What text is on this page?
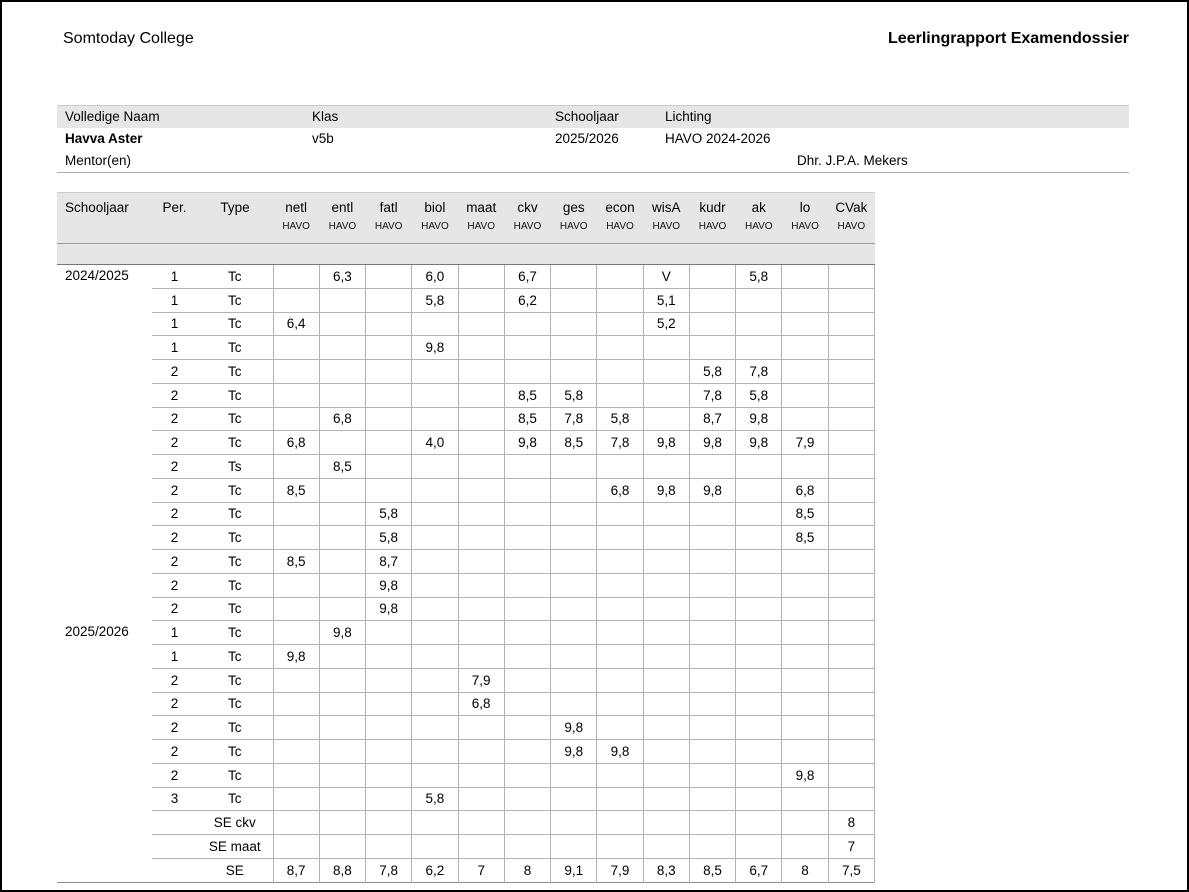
Somtoday College	Leerlingrapport Examendossier
Volledige Naam	Klas	Schooljaar	Lichting
Havva Aster	v5b	2025/2026	HAVO 2024-2026
Mentor(en)	Dhr. J.P.A. Mekers
Schooljaar	Per.	Type	netl	entl	fatl	biol	maat	ckv	ges	econ	wisA	kudr	ak	lo	CVak
			HAVO	HAVO	HAVO	HAVO	HAVO	HAVO	HAVO	HAVO	HAVO	HAVO	HAVO	HAVO	HAVO

2024/2025	1	Tc		6,3		6,0		6,7			V		5,8		
	1	Tc				5,8		6,2			5,1				
	1	Tc	6,4								5,2				
	1	Tc				9,8									
	2	Tc										5,8	7,8		
	2	Tc						8,5	5,8			7,8	5,8		
	2	Tc		6,8				8,5	7,8	5,8		8,7	9,8		
	2	Tc	6,8			4,0		9,8	8,5	7,8	9,8	9,8	9,8	7,9	
	2	Ts		8,5											
	2	Tc	8,5							6,8	9,8	9,8		6,8	
	2	Tc			5,8									8,5	
	2	Tc			5,8									8,5	
	2	Tc	8,5		8,7										
	2	Tc			9,8										
	2	Tc			9,8										
2025/2026	1	Tc		9,8											
	1	Tc	9,8												
	2	Tc					7,9								
	2	Tc					6,8								
	2	Tc							9,8						
	2	Tc							9,8	9,8					
	2	Tc												9,8	
	3	Tc				5,8									
		SE ckv													8
		SE maat													7
		SE	8,7	8,8	7,8	6,2	7	8	9,1	7,9	8,3	8,5	6,7	8	7,5
